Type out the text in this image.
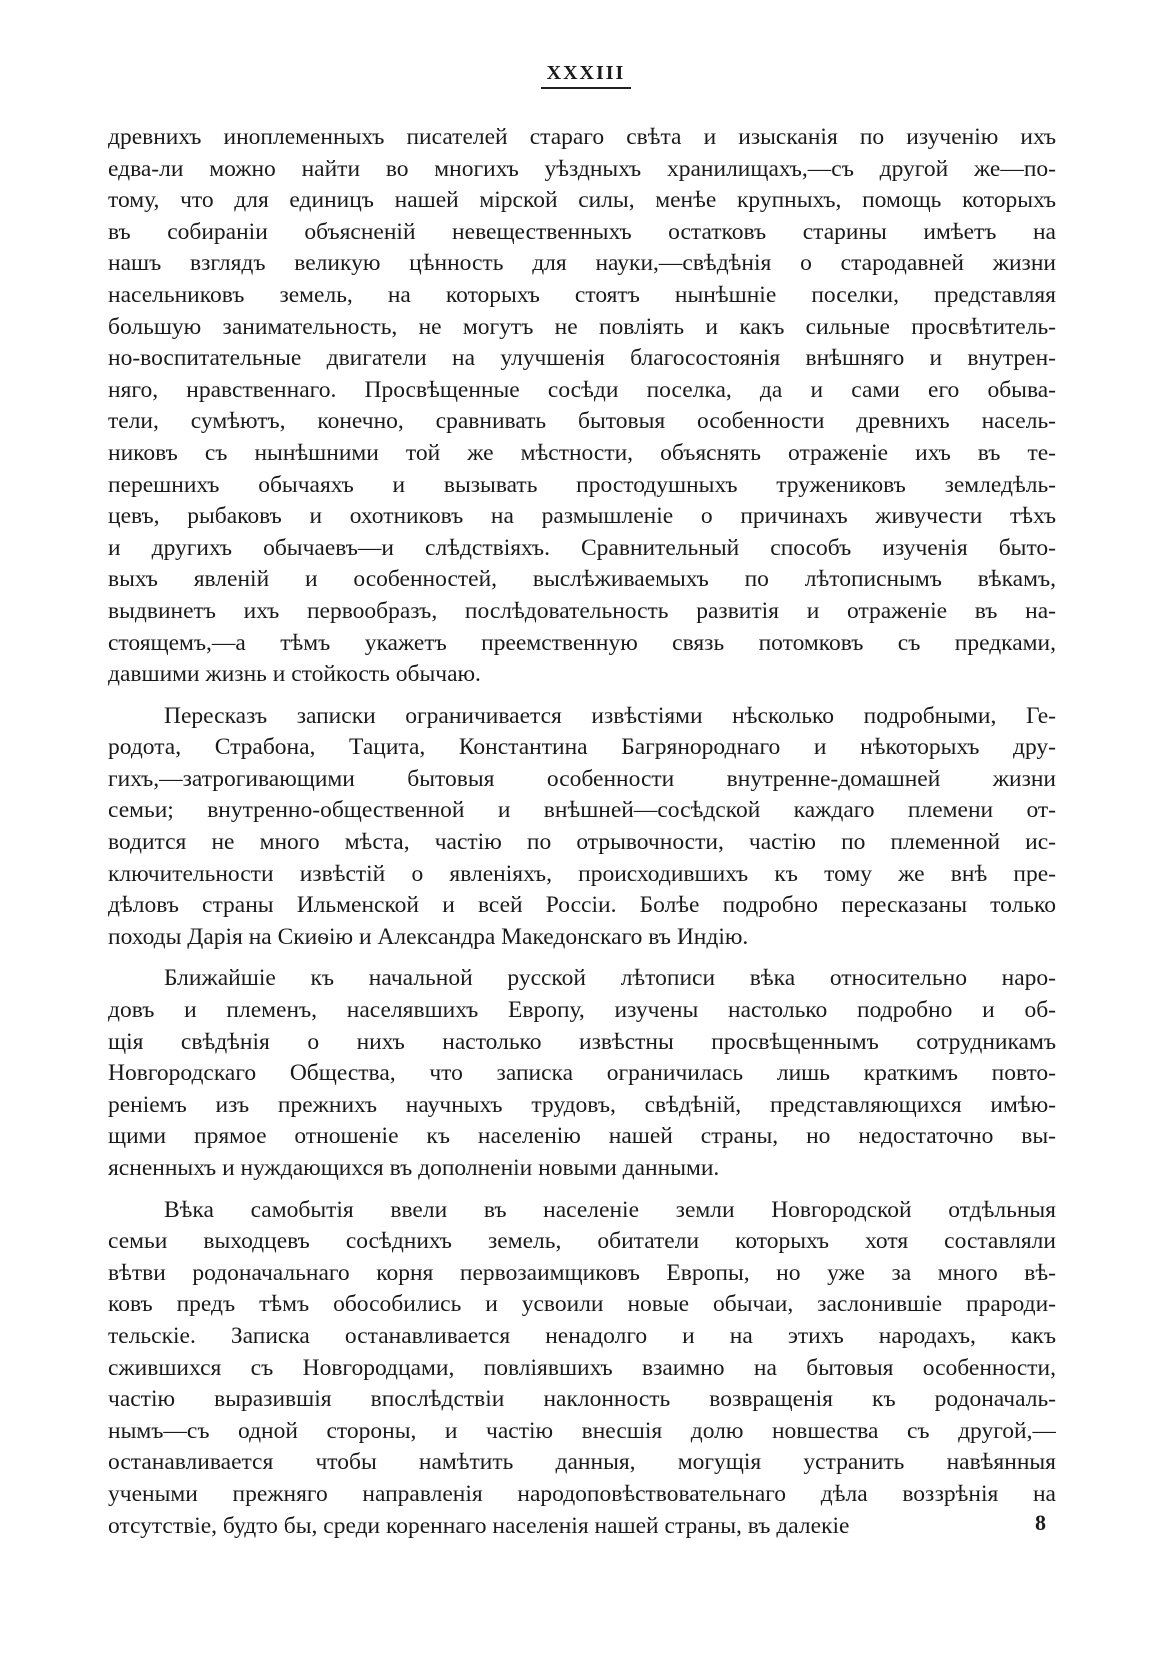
XXXIII
древнихъ иноплеменныхъ писателей стараго свѣта и изысканія по изученію ихъ
едва-ли можно найти во многихъ уѣздныхъ хранилищахъ,—съ другой же—по-
тому, что для единицъ нашей мірской силы, менѣе крупныхъ, помощь которыхъ
въ собираніи объясненій невещественныхъ остатковъ старины имѣетъ на
нашъ взглядъ великую цѣнность для науки,—свѣдѣнія о стародавней жизни
насельниковъ земель, на которыхъ стоятъ нынѣшніе поселки, представляя
большую занимательность, не могутъ не повліять и какъ сильные просвѣтитель-
но-воспитательные двигатели на улучшенія благосостоянія внѣшняго и внутрен-
няго, нравственнаго. Просвѣщенные сосѣди поселка, да и сами его обыва-
тели, сумѣютъ, конечно, сравнивать бытовыя особенности древнихъ насель-
никовъ съ нынѣшними той же мѣстности, объяснять отраженіе ихъ въ те-
перешнихъ обычаяхъ и вызывать простодушныхъ тружениковъ земледѣль-
цевъ, рыбаковъ и охотниковъ на размышленіе о причинахъ живучести тѣхъ
и другихъ обычаевъ—и слѣдствіяхъ. Сравнительный способъ изученія быто-
выхъ явленій и особенностей, выслѣживаемыхъ по лѣтописнымъ вѣкамъ,
выдвинетъ ихъ первообразъ, послѣдовательность развитія и отраженіе въ на-
стоящемъ,—а тѣмъ укажетъ преемственную связь потомковъ съ предками,
давшими жизнь и стойкость обычаю.
Пересказъ записки ограничивается извѣстіями нѣсколько подробными, Ге-
родота, Страбона, Тацита, Константина Багрянороднаго и нѣкоторыхъ дру-
гихъ,—затрогивающими бытовыя особенности внутренне-домашней жизни
семьи; внутренно-общественной и внѣшней—сосѣдской каждаго племени от-
водится не много мѣста, частію по отрывочности, частію по племенной ис-
ключительности извѣстій о явленіяхъ, происходившихъ къ тому же внѣ пре-
дѣловъ страны Ильменской и всей Россіи. Болѣе подробно пересказаны только
походы Дарія на Скиѳію и Александра Македонскаго въ Индію.
Ближайшіе къ начальной русской лѣтописи вѣка относительно наро-
довъ и племенъ, населявшихъ Европу, изучены настолько подробно и об-
щія свѣдѣнія о нихъ настолько извѣстны просвѣщеннымъ сотрудникамъ
Новгородскаго Общества, что записка ограничилась лишь краткимъ повто-
реніемъ изъ прежнихъ научныхъ трудовъ, свѣдѣній, представляющихся имѣю-
щими прямое отношеніе къ населенію нашей страны, но недостаточно вы-
ясненныхъ и нуждающихся въ дополненіи новыми данными.
Вѣка самобытія ввели въ населеніе земли Новгородской отдѣльныя
семьи выходцевъ сосѣднихъ земель, обитатели которыхъ хотя составляли
вѣтви родоначальнаго корня первозаимщиковъ Европы, но уже за много вѣ-
ковъ предъ тѣмъ обособились и усвоили новые обычаи, заслонившіе прароди-
тельскіе. Записка останавливается ненадолго и на этихъ народахъ, какъ
сжившихся съ Новгородцами, повліявшихъ взаимно на бытовыя особенности,
частію выразившія впослѣдствіи наклонность возвращенія къ родоначаль-
нымъ—съ одной стороны, и частію внесшія долю новшества съ другой,—
останавливается чтобы намѣтить данныя, могущія устранить навѣянныя
учеными прежняго направленія народоповѣствовательнаго дѣла воззрѣнія на
отсутствіе, будто бы, среди кореннаго населенія нашей страны, въ далекіе	8
